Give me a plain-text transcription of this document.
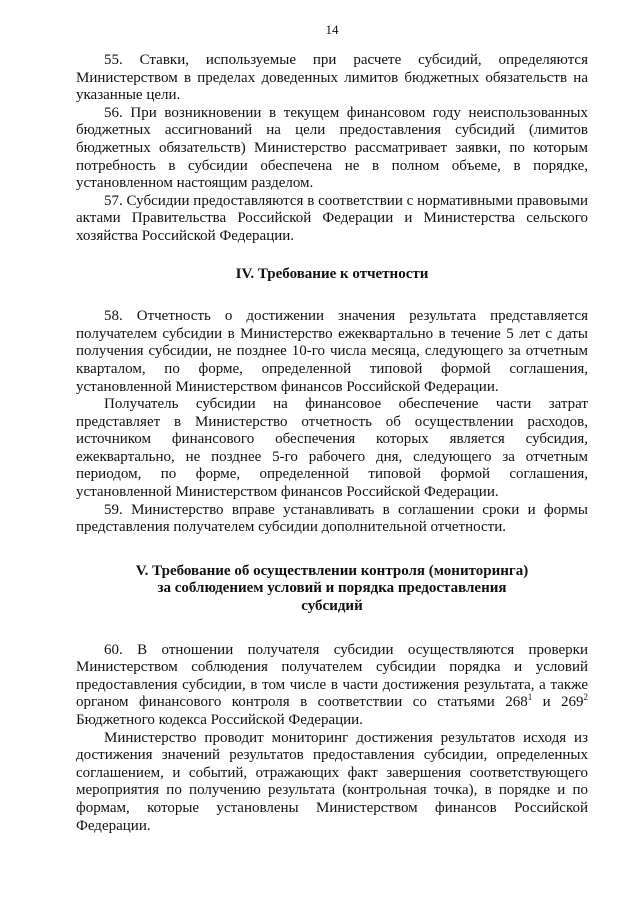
14

55. Ставки, используемые при расчете субсидий, определяются Министерством в пределах доведенных лимитов бюджетных обязательств на указанные цели.

56. При возникновении в текущем финансовом году неиспользованных бюджетных ассигнований на цели предоставления субсидий (лимитов бюджетных обязательств) Министерство рассматривает заявки, по которым потребность в субсидии обеспечена не в полном объеме, в порядке, установленном настоящим разделом.

57. Субсидии предоставляются в соответствии с нормативными правовыми актами Правительства Российской Федерации и Министерства сельского хозяйства Российской Федерации.

IV. Требование к отчетности

58. Отчетность о достижении значения результата представляется получателем субсидии в Министерство ежеквартально в течение 5 лет с даты получения субсидии, не позднее 10-го числа месяца, следующего за отчетным кварталом, по форме, определенной типовой формой соглашения, установленной Министерством финансов Российской Федерации.

Получатель субсидии на финансовое обеспечение части затрат представляет в Министерство отчетность об осуществлении расходов, источником финансового обеспечения которых является субсидия, ежеквартально, не позднее 5-го рабочего дня, следующего за отчетным периодом, по форме, определенной типовой формой соглашения, установленной Министерством финансов Российской Федерации.

59. Министерство вправе устанавливать в соглашении сроки и формы представления получателем субсидии дополнительной отчетности.

V. Требование об осуществлении контроля (мониторинга)
за соблюдением условий и порядка предоставления
субсидий

60. В отношении получателя субсидии осуществляются проверки Министерством соблюдения получателем субсидии порядка и условий предоставления субсидии, в том числе в части достижения результата, а также органом финансового контроля в соответствии со статьями $268^1$ и $269^2$ Бюджетного кодекса Российской Федерации.

Министерство проводит мониторинг достижения результатов исходя из достижения значений результатов предоставления субсидии, определенных соглашением, и событий, отражающих факт завершения соответствующего мероприятия по получению результата (контрольная точка), в порядке и по формам, которые установлены Министерством финансов Российской Федерации.
